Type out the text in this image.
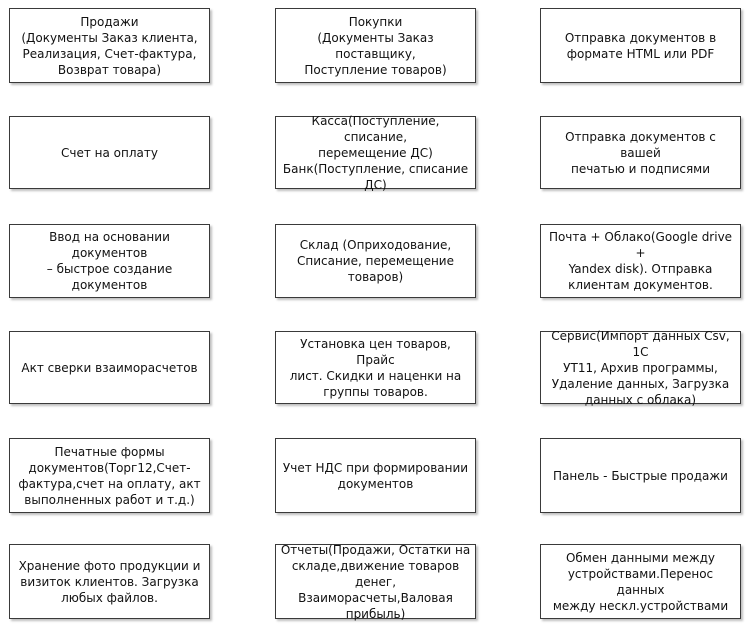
Продажи
(Документы Заказ клиента,
Реализация, Счет-фактура,
Возврат товара)
Покупки
(Документы Заказ поставщику,
Поступление товаров)
Отправка документов в
формате HTML или PDF
Счет на оплату
Касса(Поступление, списание,
перемещение ДС)
Банк(Поступление, списание
ДС)
Отправка документов с вашей
печатью и подписями
Ввод на основании документов
– быстрое создание
документов
Склад (Оприходование,
Списание, перемещение
товаров)
Почта + Облако(Google drive +
Yandex disk). Отправка
клиентам документов.
Акт сверки взаиморасчетов
Установка цен товаров, Прайс
лист. Скидки и наценки на
группы товаров.
Сервис(Импорт данных Csv, 1С
УТ11, Архив программы,
Удаление данных, Загрузка
данных с облака)
Печатные формы
документов(Торг12,Счет-
фактура,счет на оплату, акт
выполненных работ и т.д.)
Учет НДС при формировании
документов
Панель - Быстрые продажи
Хранение фото продукции и
визиток клиентов. Загрузка
любых файлов.
Отчеты(Продажи, Остатки на
складе,движение товаров
денег, Взаиморасчеты,Валовая
прибыль)
Обмен данными между
устройствами.Перенос данных
между нескл.устройствами
